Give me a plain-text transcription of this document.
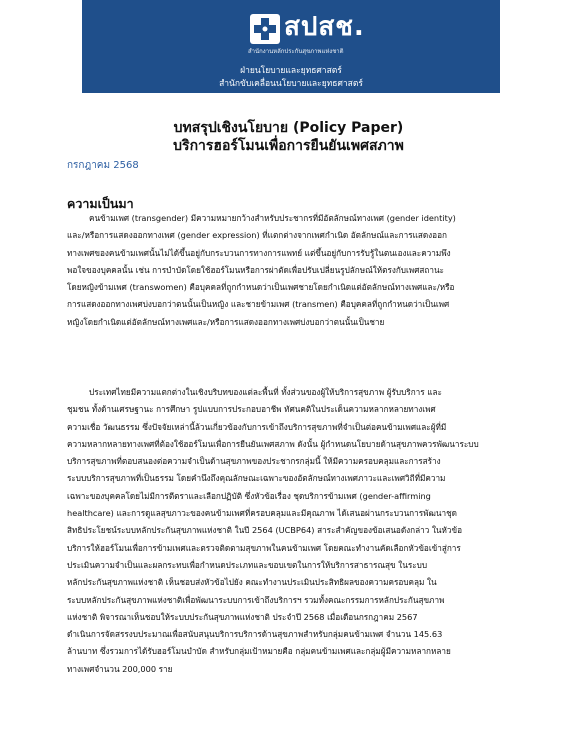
สปสช.
สำนักงานหลักประกันสุขภาพแห่งชาติ
ฝ่ายนโยบายและยุทธศาสตร์
สำนักขับเคลื่อนนโยบายและยุทธศาสตร์
บทสรุปเชิงนโยบาย (Policy Paper)
บริการฮอร์โมนเพื่อการยืนยันเพศสภาพ
กรกฎาคม 2568
ความเป็นมา
คนข้ามเพศ (transgender) มีความหมายกว้างสำหรับประชากรที่มีอัตลักษณ์ทางเพศ (gender identity)
และ/หรือการแสดงออกทางเพศ (gender expression) ที่แตกต่างจากเพศกำเนิด อัตลักษณ์และการแสดงออก
ทางเพศของคนข้ามเพศนั้นไม่ได้ขึ้นอยู่กับกระบวนการทางการแพทย์ แต่ขึ้นอยู่กับการรับรู้ในตนเองและความพึง
พอใจของบุคคลนั้น เช่น การบำบัดโดยใช้ฮอร์โมนหรือการผ่าตัดเพื่อปรับเปลี่ยนรูปลักษณ์ให้ตรงกับเพศสถานะ
โดยหญิงข้ามเพศ (transwomen) คือบุคคลที่ถูกกำหนดว่าเป็นเพศชายโดยกำเนิดแต่อัตลักษณ์ทางเพศและ/หรือ
การแสดงออกทางเพศบ่งบอกว่าตนนั้นเป็นหญิง และชายข้ามเพศ (transmen) คือบุคคลที่ถูกกำหนดว่าเป็นเพศ
หญิงโดยกำเนิดแต่อัตลักษณ์ทางเพศและ/หรือการแสดงออกทางเพศบ่งบอกว่าตนนั้นเป็นชาย
ประเทศไทยมีความแตกต่างในเชิงบริบทของแต่ละพื้นที่ ทั้งส่วนของผู้ให้บริการสุขภาพ ผู้รับบริการ และ
ชุมชน ทั้งด้านเศรษฐานะ การศึกษา รูปแบบการประกอบอาชีพ ทัศนคติในประเด็นความหลากหลายทางเพศ
ความเชื่อ วัฒนธรรม ซึ่งปัจจัยเหล่านี้ล้วนเกี่ยวข้องกับการเข้าถึงบริการสุขภาพที่จำเป็นต่อคนข้ามเพศและผู้ที่มี
ความหลากหลายทางเพศที่ต้องใช้ฮอร์โมนเพื่อการยืนยันเพศสภาพ ดังนั้น ผู้กำหนดนโยบายด้านสุขภาพควรพัฒนาระบบ
บริการสุขภาพที่ตอบสนองต่อความจำเป็นด้านสุขภาพของประชากรกลุ่มนี้ ให้มีความครอบคลุมและการสร้าง
ระบบบริการสุขภาพที่เป็นธรรม โดยคำนึงถึงคุณลักษณะเฉพาะของอัตลักษณ์ทางเพศภาวะและเพศวิถีที่มีความ
เฉพาะของบุคคลโดยไม่มีการตีตราและเลือกปฏิบัติ ซึ่งหัวข้อเรื่อง ชุดบริการข้ามเพศ (gender-affirming
healthcare) และการดูแลสุขภาวะของคนข้ามเพศที่ครอบคลุมและมีคุณภาพ ได้เสนอผ่านกระบวนการพัฒนาชุด
สิทธิประโยชน์ระบบหลักประกันสุขภาพแห่งชาติ ในปี 2564 (UCBP64) สาระสำคัญของข้อเสนอดังกล่าว ในหัวข้อ
บริการให้ฮอร์โมนเพื่อการข้ามเพศและตรวจติดตามสุขภาพในคนข้ามเพศ โดยคณะทำงานคัดเลือกหัวข้อเข้าสู่การ
ประเมินความจำเป็นและผลกระทบเพื่อกำหนดประเภทและขอบเขตในการให้บริการสาธารณสุข ในระบบ
หลักประกันสุขภาพแห่งชาติ เห็นชอบส่งหัวข้อไปยัง คณะทำงานประเมินประสิทธิผลของความครอบคลุม ใน
ระบบหลักประกันสุขภาพแห่งชาติเพื่อพัฒนาระบบการเข้าถึงบริการฯ รวมทั้งคณะกรรมการหลักประกันสุขภาพ
แห่งชาติ พิจารณาเห็นชอบให้ระบบประกันสุขภาพแห่งชาติ ประจำปี 2568 เมื่อเดือนกรกฎาคม 2567
ดำเนินการจัดสรรงบประมาณเพื่อสนับสนุนบริการบริการด้านสุขภาพสำหรับกลุ่มคนข้ามเพศ จำนวน 145.63
ล้านบาท ซึ่งรวมการได้รับฮอร์โมนบำบัด สำหรับกลุ่มเป้าหมายคือ กลุ่มคนข้ามเพศและกลุ่มผู้มีความหลากหลาย
ทางเพศจำนวน 200,000 ราย
